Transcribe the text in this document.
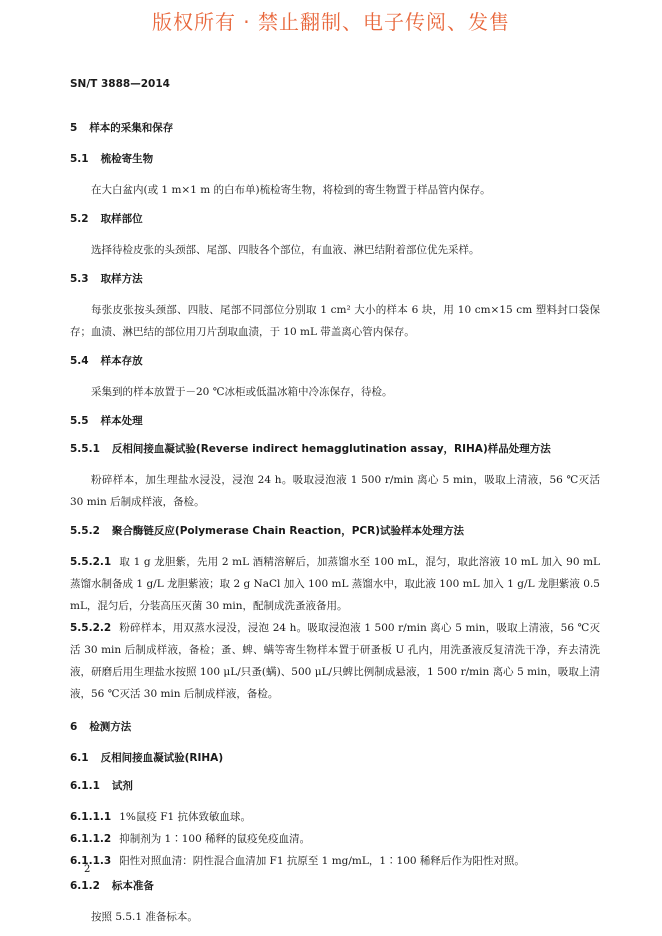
版权所有 · 禁止翻制、电子传阅、发售
SN/T 3888—2014
5 样本的采集和保存
5.1 梳检寄生物

在大白盆内(或 1 m×1 m 的白布单)梳检寄生物，将检到的寄生物置于样品管内保存。

5.2 取样部位

选择待检皮张的头颈部、尾部、四肢各个部位，有血液、淋巴结附着部位优先采样。

5.3 取样方法

每张皮张按头颈部、四肢、尾部不同部位分别取 1 cm² 大小的样本 6 块，用 10 cm×15 cm 塑料封口袋保存；血渍、淋巴结的部位用刀片刮取血渍，于 10 mL 带盖离心管内保存。

5.4 样本存放

采集到的样本放置于－20 ℃冰柜或低温冰箱中冷冻保存，待检。

5.5 样本处理
5.5.1 反相间接血凝试验(Reverse indirect hemagglutination assay，RIHA)样品处理方法

粉碎样本，加生理盐水浸没，浸泡 24 h。吸取浸泡液 1 500 r/min 离心 5 min，吸取上清液，56 ℃灭活 30 min 后制成样液，备检。

5.5.2 聚合酶链反应(Polymerase Chain Reaction，PCR)试验样本处理方法

5.5.2.1 取 1 g 龙胆紫，先用 2 mL 酒精溶解后，加蒸馏水至 100 mL，混匀，取此溶液 10 mL 加入 90 mL 蒸馏水制备成 1 g/L 龙胆紫液；取 2 g NaCl 加入 100 mL 蒸馏水中，取此液 100 mL 加入 1 g/L 龙胆紫液 0.5 mL，混匀后，分装高压灭菌 30 min，配制成洗蚤液备用。

5.5.2.2 粉碎样本，用双蒸水浸没，浸泡 24 h。吸取浸泡液 1 500 r/min 离心 5 min，吸取上清液，56 ℃灭活 30 min 后制成样液，备检；蚤、蜱、螨等寄生物样本置于研蚤板 U 孔内，用洗蚤液反复清洗干净，弃去清洗液，研磨后用生理盐水按照 100 μL/只蚤(螨)、500 μL/只蜱比例制成悬液，1 500 r/min 离心 5 min，吸取上清液，56 ℃灭活 30 min 后制成样液，备检。

6 检测方法
6.1 反相间接血凝试验(RIHA)
6.1.1 试剂

6.1.1.1 1%鼠疫 F1 抗体致敏血球。

6.1.1.2 抑制剂为 1∶100 稀释的鼠疫免疫血清。

6.1.1.3 阳性对照血清：阴性混合血清加 F1 抗原至 1 mg/mL，1∶100 稀释后作为阳性对照。

6.1.2 标本准备

按照 5.5.1 准备标本。

2
